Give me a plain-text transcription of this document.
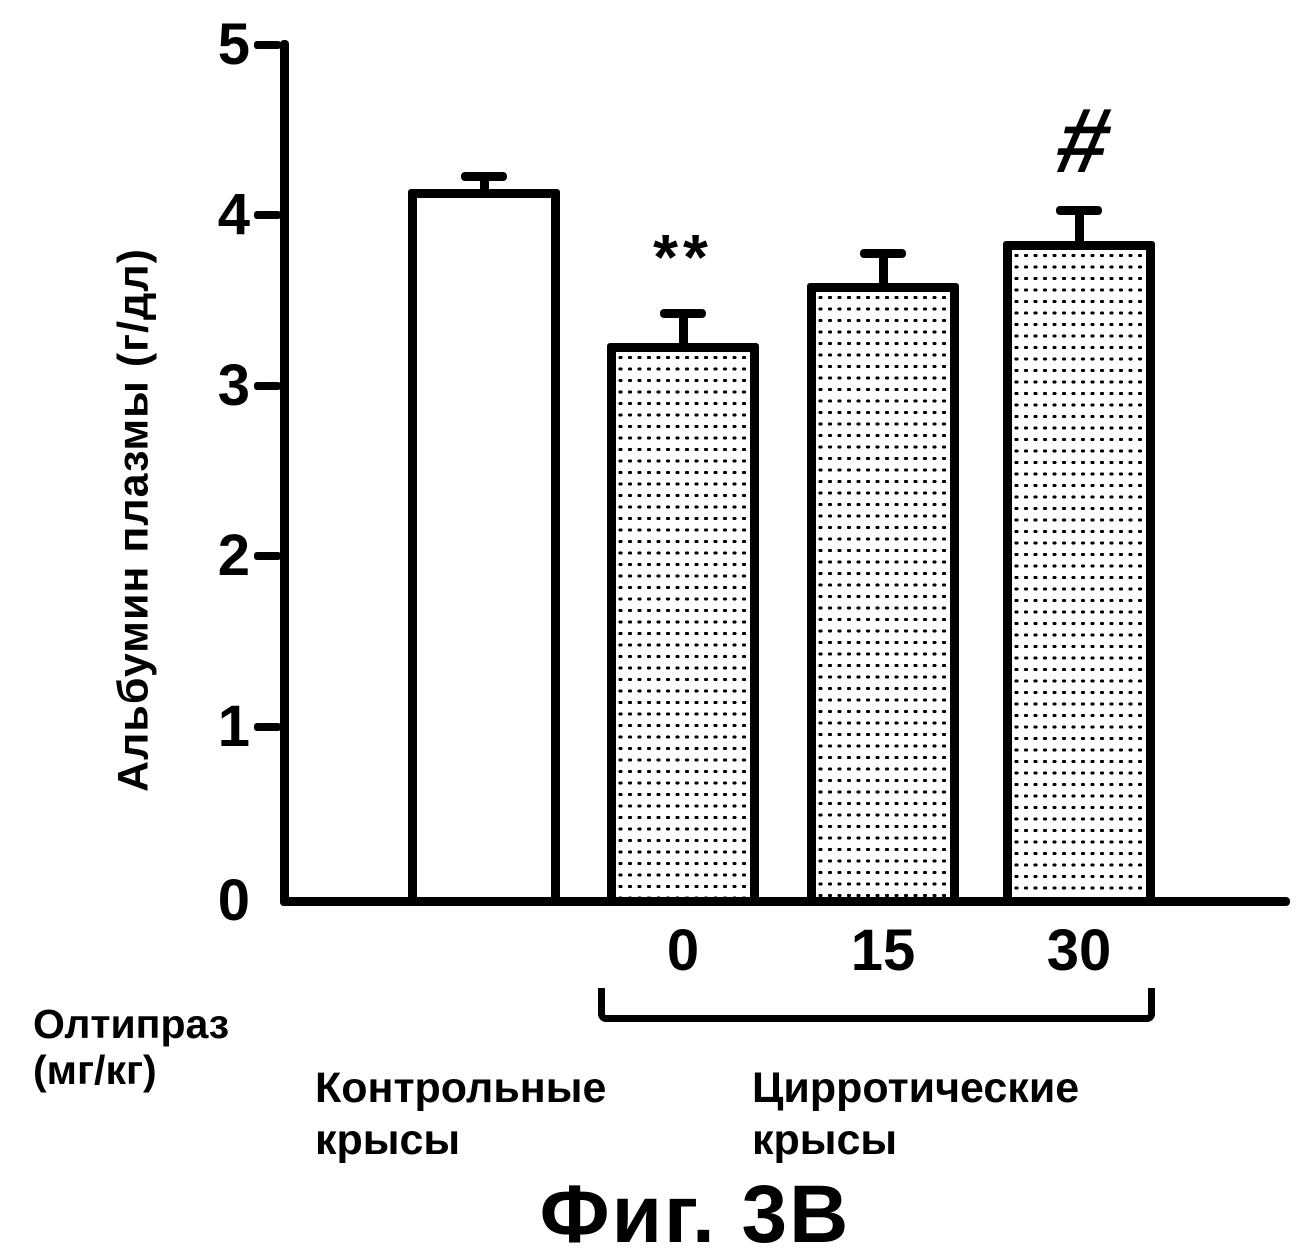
Альбумин плазмы (г/дл)
0
1
2
3
4
5
0
**
15 30
#
Олтипраз
(мг/кг)	Контрольные
крысы
Цирротические
крысы
Фиг. 3В
